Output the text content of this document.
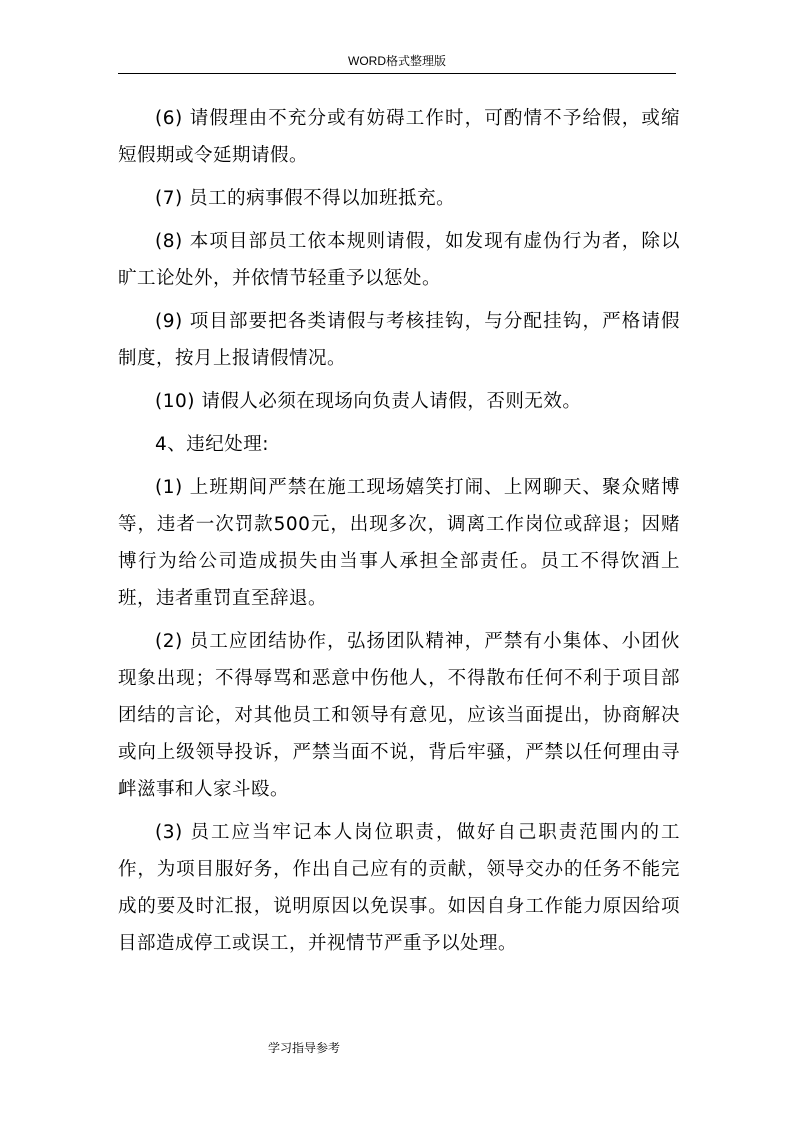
WORD格式整理版

(6) 请假理由不充分或有妨碍工作时，可酌情不予给假，或缩短假期或令延期请假。

(7) 员工的病事假不得以加班抵充。

(8) 本项目部员工依本规则请假，如发现有虚伪行为者，除以旷工论处外，并依情节轻重予以惩处。

(9) 项目部要把各类请假与考核挂钩，与分配挂钩，严格请假制度，按月上报请假情况。

(10) 请假人必须在现场向负责人请假，否则无效。

4、违纪处理:

(1) 上班期间严禁在施工现场嬉笑打闹、上网聊天、聚众赌博等，违者一次罚款500元，出现多次，调离工作岗位或辞退；因赌博行为给公司造成损失由当事人承担全部责任。员工不得饮酒上班，违者重罚直至辞退。

(2) 员工应团结协作，弘扬团队精神，严禁有小集体、小团伙现象出现；不得辱骂和恶意中伤他人，不得散布任何不利于项目部团结的言论，对其他员工和领导有意见，应该当面提出，协商解决或向上级领导投诉，严禁当面不说，背后牢骚，严禁以任何理由寻衅滋事和人家斗殴。

(3) 员工应当牢记本人岗位职责，做好自己职责范围内的工作，为项目服好务，作出自己应有的贡献，领导交办的任务不能完成的要及时汇报，说明原因以免误事。如因自身工作能力原因给项目部造成停工或误工，并视情节严重予以处理。

学习指导参考
